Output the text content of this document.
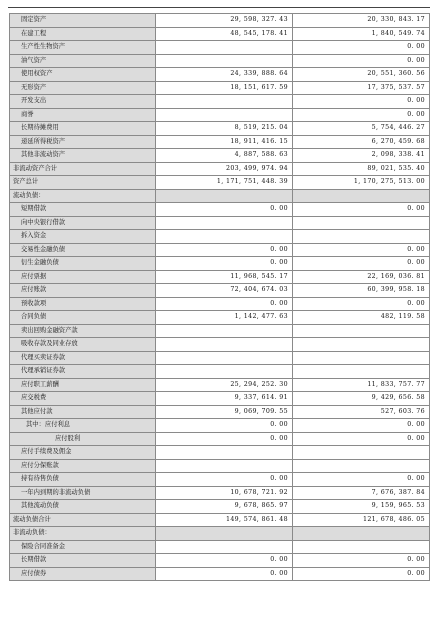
固定资产	29, 598, 327. 43	20, 330, 843. 17
在建工程	48, 545, 178. 41	1, 840, 549. 74
生产性生物资产		0. 00
油气资产		0. 00
使用权资产	24, 339, 888. 64	20, 551, 360. 56
无形资产	18, 151, 617. 59	17, 375, 537. 57
开发支出		0. 00
商誉		0. 00
长期待摊费用	8, 519, 215. 04	5, 754, 446. 27
递延所得税资产	18, 911, 416. 15	6, 270, 459. 68
其他非流动资产	4, 887, 588. 63	2, 098, 338. 41
非流动资产合计	203, 499, 974. 94	89, 021, 535. 40
资产总计	1, 171, 751, 448. 39	1, 170, 275, 513. 00
流动负债：		
短期借款	0. 00	0. 00
向中央银行借款		
拆入资金		
交易性金融负债	0. 00	0. 00
衍生金融负债	0. 00	0. 00
应付票据	11, 968, 545. 17	22, 169, 036. 81
应付账款	72, 404, 674. 03	60, 399, 958. 18
预收款项	0. 00	0. 00
合同负债	1, 142, 477. 63	482, 119. 58
卖出回购金融资产款		
吸收存款及同业存放		
代理买卖证券款		
代理承销证券款		
应付职工薪酬	25, 294, 252. 30	11, 833, 757. 77
应交税费	9, 337, 614. 91	9, 429, 656. 58
其他应付款	9, 069, 709. 55	527, 603. 76
其中：应付利息	0. 00	0. 00
应付股利	0. 00	0. 00
应付手续费及佣金		
应付分保账款		
持有待售负债	0. 00	0. 00
一年内到期的非流动负债	10, 678, 721. 92	7, 676, 387. 84
其他流动负债	9, 678, 865. 97	9, 159, 965. 53
流动负债合计	149, 574, 861. 48	121, 678, 486. 05
非流动负债：		
保险合同准备金		
长期借款	0. 00	0. 00
应付债券	0. 00	0. 00
